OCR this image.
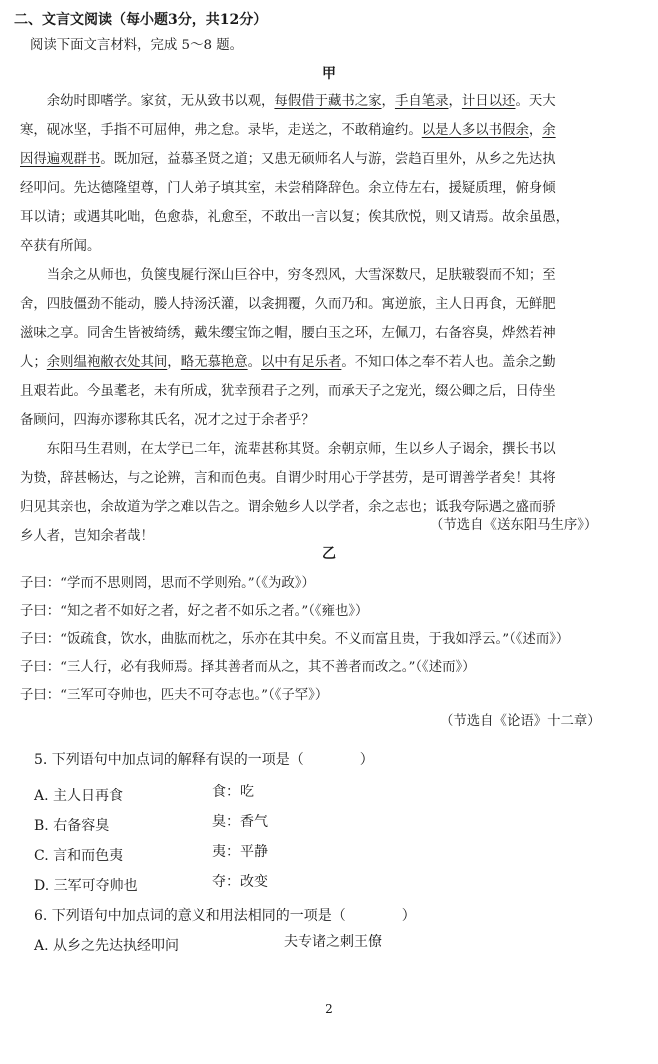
二、文言文阅读（每小题3分，共12分）
阅读下面文言材料，完成 5～8 题。
甲
　　余幼时即嗜学。家贫，无从致书以观，每假借于藏书之家，手自笔录，计日以还。天大
寒，砚冰坚，手指不可屈伸，弗之怠。录毕，走送之，不敢稍逾约。以是人多以书假余，余
因得遍观群书。既加冠，益慕圣贤之道；又患无硕师名人与游，尝趋百里外，从乡之先达执
经叩问。先达德隆望尊，门人弟子填其室，未尝稍降辞色。余立侍左右，援疑质理，俯身倾
耳以请；或遇其叱咄，色愈恭，礼愈至，不敢出一言以复；俟其欣悦，则又请焉。故余虽愚，
卒获有所闻。
　　当余之从师也，负箧曳屣行深山巨谷中，穷冬烈风，大雪深数尺，足肤皲裂而不知；至
舍，四肢僵劲不能动，媵人持汤沃灌，以衾拥覆，久而乃和。寓逆旅，主人日再食，无鲜肥
滋味之享。同舍生皆被绮绣，戴朱缨宝饰之帽，腰白玉之环，左佩刀，右备容臭，烨然若神
人；余则缊袍敝衣处其间，略无慕艳意。以中有足乐者。不知口体之奉不若人也。盖余之勤
且艰若此。今虽耄老，未有所成，犹幸预君子之列，而承天子之宠光，缀公卿之后，日侍坐
备顾问，四海亦谬称其氏名，况才之过于余者乎？
　　东阳马生君则，在太学已二年，流辈甚称其贤。余朝京师，生以乡人子谒余，撰长书以
为贽，辞甚畅达，与之论辨，言和而色夷。自谓少时用心于学甚劳，是可谓善学者矣！其将
归见其亲也，余故道为学之难以告之。谓余勉乡人以学者，余之志也；诋我夸际遇之盛而骄
乡人者，岂知余者哉！
（节选自《送东阳马生序》）
乙
子曰：“学而不思则罔，思而不学则殆。”（《为政》）
子曰：“知之者不如好之者，好之者不如乐之者。”（《雍也》）
子曰：“饭疏食，饮水，曲肱而枕之，乐亦在其中矣。不义而富且贵，于我如浮云。”（《述而》）
子曰：“三人行，必有我师焉。择其善者而从之，其不善者而改之。”（《述而》）
子曰：“三军可夺帅也，匹夫不可夺志也。”（《子罕》）
（节选自《论语》十二章）
5. 下列语句中加点词的解释有误的一项是（　　　　）
A. 主人日再食	食：吃
B. 右备容臭	臭：香气
C. 言和而色夷	夷：平静
D. 三军可夺帅也	夺：改变
6. 下列语句中加点词的意义和用法相同的一项是（　　　　）
A. 从乡之先达执经叩问	夫专诸之刺王僚
2
